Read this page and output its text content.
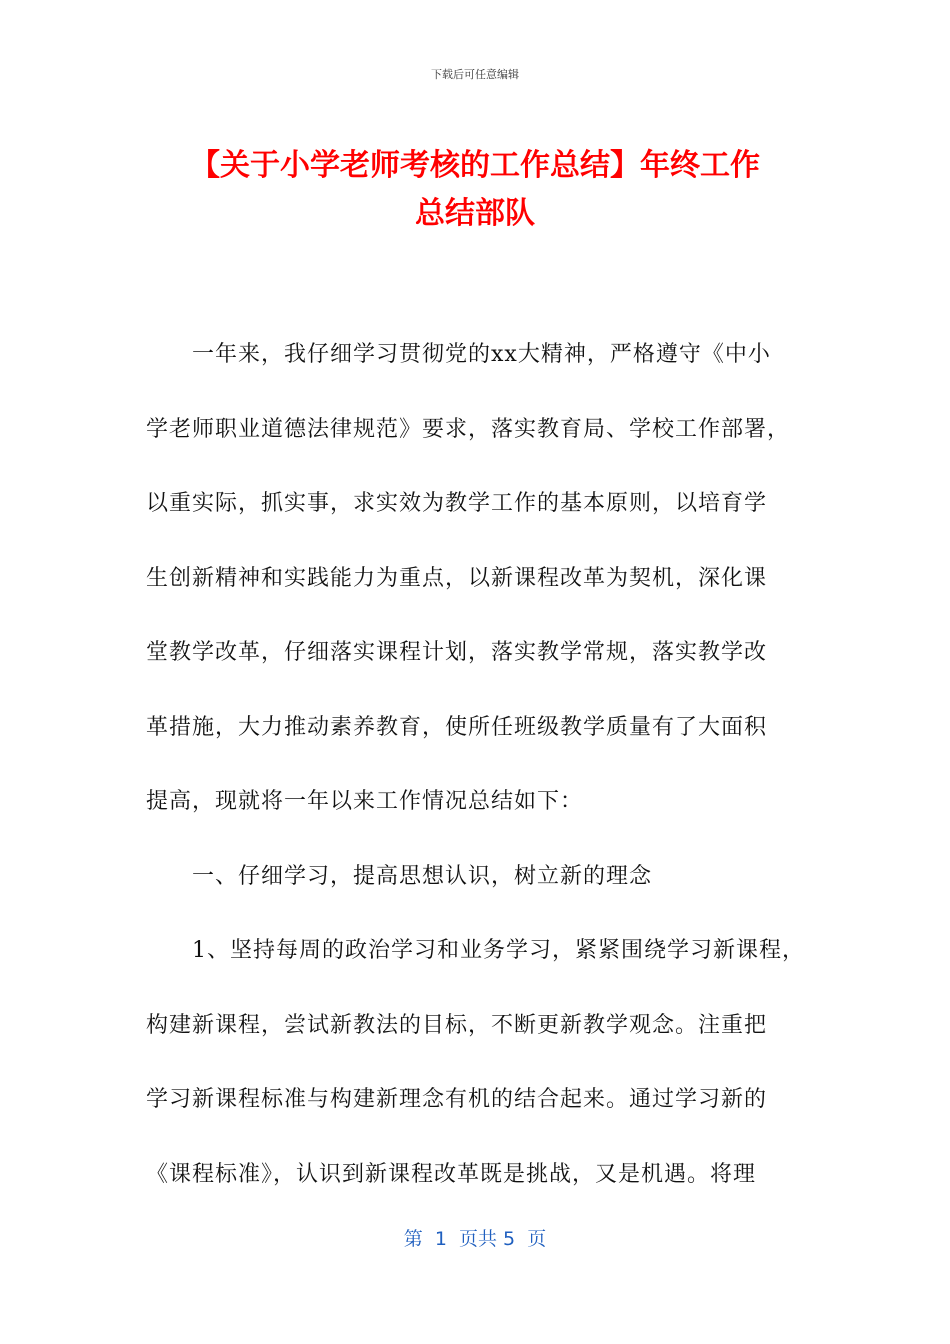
下载后可任意编辑
【关于小学老师考核的工作总结】年终工作
总结部队

一年来，我仔细学习贯彻党的xx大精神，严格遵守《中小

学老师职业道德法律规范》要求，落实教育局、学校工作部署，

以重实际，抓实事，求实效为教学工作的基本原则，以培育学

生创新精神和实践能力为重点，以新课程改革为契机，深化课

堂教学改革，仔细落实课程计划，落实教学常规，落实教学改

革措施，大力推动素养教育，使所任班级教学质量有了大面积

提高，现就将一年以来工作情况总结如下：

一、仔细学习，提高思想认识，树立新的理念

1、坚持每周的政治学习和业务学习，紧紧围绕学习新课程，

构建新课程，尝试新教法的目标，不断更新教学观念。注重把

学习新课程标准与构建新理念有机的结合起来。通过学习新的

《课程标准》，认识到新课程改革既是挑战，又是机遇。将理

第  1  页共 5  页
